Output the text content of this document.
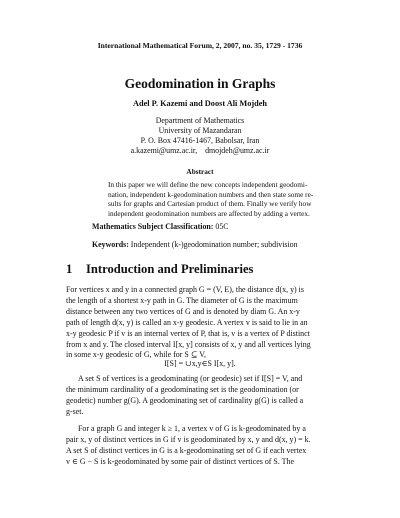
International Mathematical Forum, 2, 2007, no. 35, 1729 - 1736
Geodomination in Graphs
Adel P. Kazemi and Doost Ali Mojdeh
Department of Mathematics
University of Mazandaran
P. O. Box 47416-1467, Babolsar, Iran
a.kazemi@umz.ac.ir,    dmojdeh@umz.ac.ir
Abstract
In this paper we will define the new concepts independent geodomi-
nation, independent k-geodomination numbers and then state some re-
sults for graphs and Cartesian product of them. Finally we verify how
independent geodomination numbers are affected by adding a vertex.
Mathematics Subject Classification: 05C
Keywords: Independent (k-)geodomination number; subdivision
1 Introduction and Preliminaries
For vertices x and y in a connected graph G = (V, E), the distance d(x, y) is
the length of a shortest x-y path in G. The diameter of G is the maximum
distance between any two vertices of G and is denoted by diam G. An x-y
path of length d(x, y) is called an x-y geodesic. A vertex v is said to lie in an
x-y geodesic P if v is an internal vertex of P, that is, v is a vertex of P distinct
from x and y. The closed interval I[x, y] consists of x, y and all vertices lying
in some x-y geodesic of G, while for S ⊆ V,
I[S] = ∪x,y∈S I[x, y].
A set S of vertices is a geodominating (or geodesic) set if I[S] = V, and
the minimum cardinality of a geodominating set is the geodomination (or
geodetic) number g(G). A geodominating set of cardinality g(G) is called a
g-set.
For a graph G and integer k ≥ 1, a vertex v of G is k-geodominated by a
pair x, y of distinct vertices in G if v is geodominated by x, y and d(x, y) = k.
A set S of distinct vertices in G is a k-geodominating set of G if each vertex
v ∈ G − S is k-geodominated by some pair of distinct vertices of S. The
